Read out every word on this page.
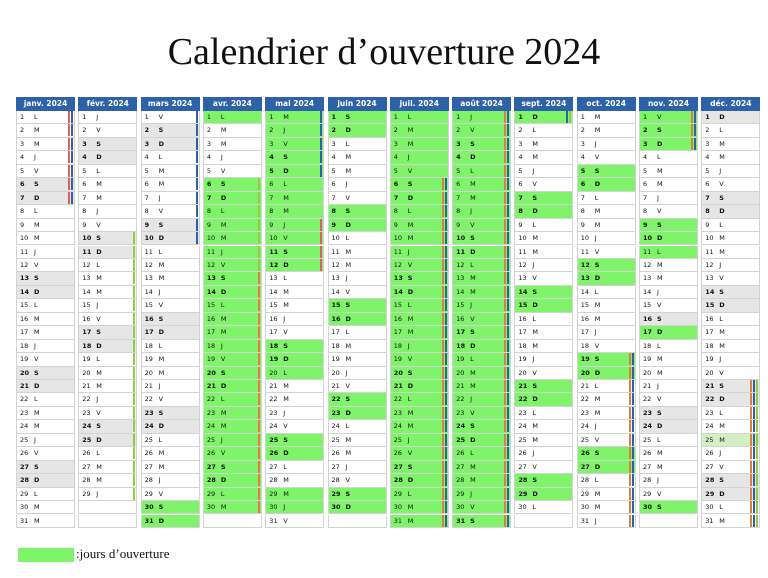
Calendrier d’ouverture 2024
janv. 2024
1 L
2 M
3 M
4 J
5 V
6 S
7 D
8 L
9 M
10 M
11 J
12 V
13 S
14 D
15 L
16 M
17 M
18 J
19 V
20 S
21 D
22 L
23 M
24 M
25 J
26 V
27 S
28 D
29 L
30 M
31 M
févr. 2024
1 J
2 V
3 S
4 D
5 L
6 M
7 M
8 J
9 V
10 S
11 D
12 L
13 M
14 M
15 J
16 V
17 S
18 D
19 L
20 M
21 M
22 J
23 V
24 S
25 D
26 L
27 M
28 M
29 J
mars 2024
1 V
2 S
3 D
4 L
5 M
6 M
7 J
8 V
9 S
10 D
11 L
12 M
13 M
14 J
15 V
16 S
17 D
18 L
19 M
20 M
21 J
22 V
23 S
24 D
25 L
26 M
27 M
28 J
29 V
30 S
31 D
avr. 2024
1 L
2 M
3 M
4 J
5 V
6 S
7 D
8 L
9 M
10 M
11 J
12 V
13 S
14 D
15 L
16 M
17 M
18 J
19 V
20 S
21 D
22 L
23 M
24 M
25 J
26 V
27 S
28 D
29 L
30 M
mai 2024
1 M
2 J
3 V
4 S
5 D
6 L
7 M
8 M
9 J
10 V
11 S
12 D
13 L
14 M
15 M
16 J
17 V
18 S
19 D
20 L
21 M
22 M
23 J
24 V
25 S
26 D
27 L
28 M
29 M
30 J
31 V
juin 2024
1 S
2 D
3 L
4 M
5 M
6 J
7 V
8 S
9 D
10 L
11 M
12 M
13 J
14 V
15 S
16 D
17 L
18 M
19 M
20 J
21 V
22 S
23 D
24 L
25 M
26 M
27 J
28 V
29 S
30 D
juil. 2024
1 L
2 M
3 M
4 J
5 V
6 S
7 D
8 L
9 M
10 M
11 J
12 V
13 S
14 D
15 L
16 M
17 M
18 J
19 V
20 S
21 D
22 L
23 M
24 M
25 J
26 V
27 S
28 D
29 L
30 M
31 M
août 2024
1 J
2 V
3 S
4 D
5 L
6 M
7 M
8 J
9 V
10 S
11 D
12 L
13 M
14 M
15 J
16 V
17 S
18 D
19 L
20 M
21 M
22 J
23 V
24 S
25 D
26 L
27 M
28 M
29 J
30 V
31 S
sept. 2024
1 D
2 L
3 M
4 M
5 J
6 V
7 S
8 D
9 L
10 M
11 M
12 J
13 V
14 S
15 D
16 L
17 M
18 M
19 J
20 V
21 S
22 D
23 L
24 M
25 M
26 J
27 V
28 S
29 D
30 L
oct. 2024
1 M
2 M
3 J
4 V
5 S
6 D
7 L
8 M
9 M
10 J
11 V
12 S
13 D
14 L
15 M
16 M
17 J
18 V
19 S
20 D
21 L
22 M
23 M
24 J
25 V
26 S
27 D
28 L
29 M
30 M
31 J
nov. 2024
1 V
2 S
3 D
4 L
5 M
6 M
7 J
8 V
9 S
10 D
11 L
12 M
13 M
14 J
15 V
16 S
17 D
18 L
19 M
20 M
21 J
22 V
23 S
24 D
25 L
26 M
27 M
28 J
29 V
30 S
déc. 2024
1 D
2 L
3 M
4 M
5 J
6 V
7 S
8 D
9 L
10 M
11 M
12 J
13 V
14 S
15 D
16 L
17 M
18 M
19 J
20 V
21 S
22 D
23 L
24 M
25 M
26 J
27 V
28 S
29 D
30 L
31 M
:jours d’ouverture
